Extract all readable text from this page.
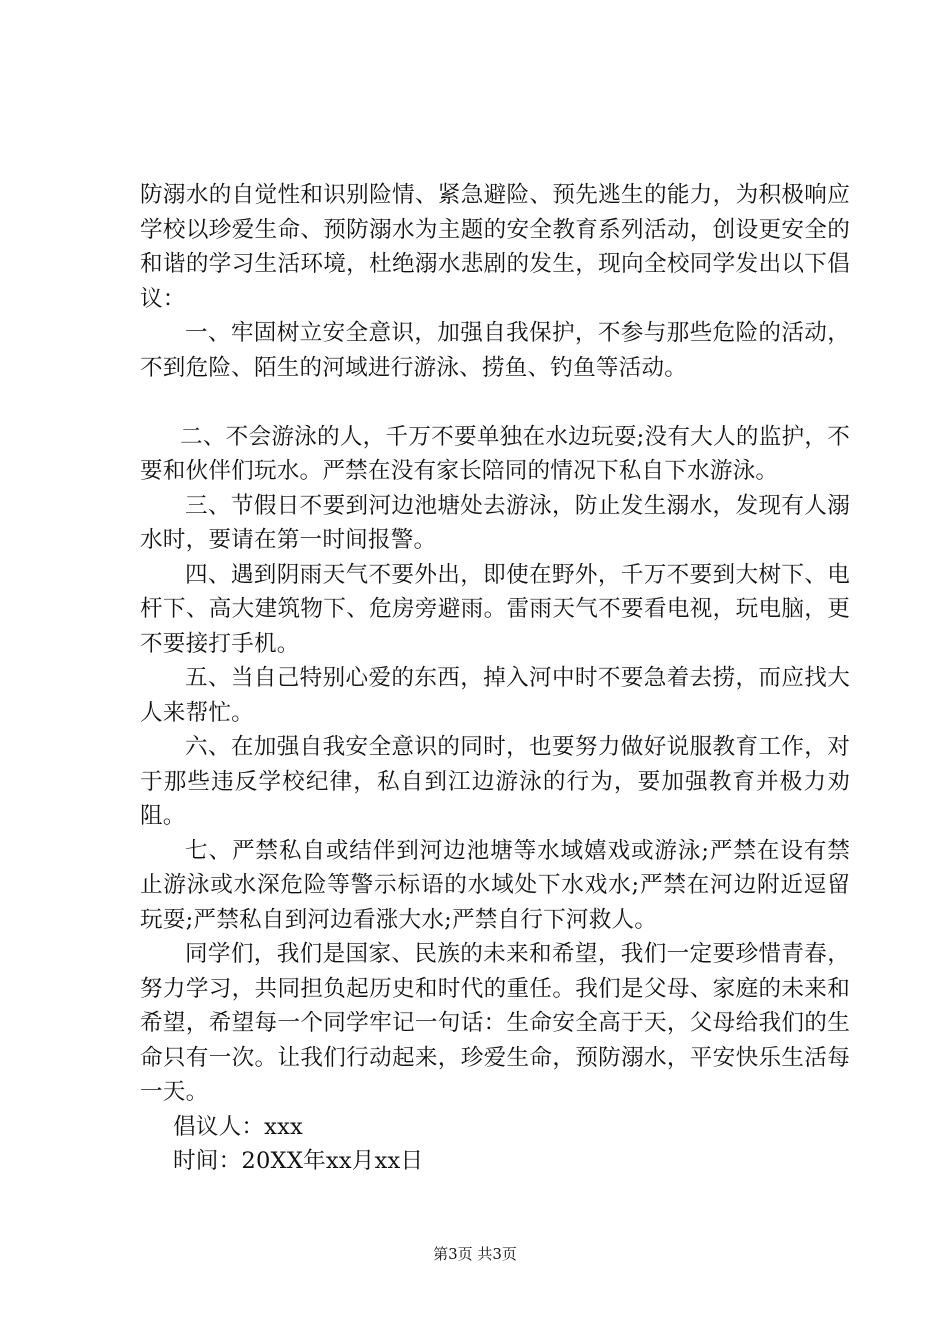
防溺水的自觉性和识别险情、紧急避险、预先逃生的能力，为积极响应学校以珍爱生命、预防溺水为主题的安全教育系列活动，创设更安全的和谐的学习生活环境，杜绝溺水悲剧的发生，现向全校同学发出以下倡议：

一、牢固树立安全意识，加强自我保护，不参与那些危险的活动，不到危险、陌生的河域进行游泳、捞鱼、钓鱼等活动。

二、不会游泳的人，千万不要单独在水边玩耍;没有大人的监护，不要和伙伴们玩水。严禁在没有家长陪同的情况下私自下水游泳。

三、节假日不要到河边池塘处去游泳，防止发生溺水，发现有人溺水时，要请在第一时间报警。

四、遇到阴雨天气不要外出，即使在野外，千万不要到大树下、电杆下、高大建筑物下、危房旁避雨。雷雨天气不要看电视，玩电脑，更不要接打手机。

五、当自己特别心爱的东西，掉入河中时不要急着去捞，而应找大人来帮忙。

六、在加强自我安全意识的同时，也要努力做好说服教育工作，对于那些违反学校纪律，私自到江边游泳的行为，要加强教育并极力劝阻。

七、严禁私自或结伴到河边池塘等水域嬉戏或游泳;严禁在设有禁止游泳或水深危险等警示标语的水域处下水戏水;严禁在河边附近逗留玩耍;严禁私自到河边看涨大水;严禁自行下河救人。

同学们，我们是国家、民族的未来和希望，我们一定要珍惜青春，努力学习，共同担负起历史和时代的重任。我们是父母、家庭的未来和希望，希望每一个同学牢记一句话：生命安全高于天，父母给我们的生命只有一次。让我们行动起来，珍爱生命，预防溺水，平安快乐生活每一天。

倡议人：xxx

时间：20XX年xx月xx日

第3页 共3页
